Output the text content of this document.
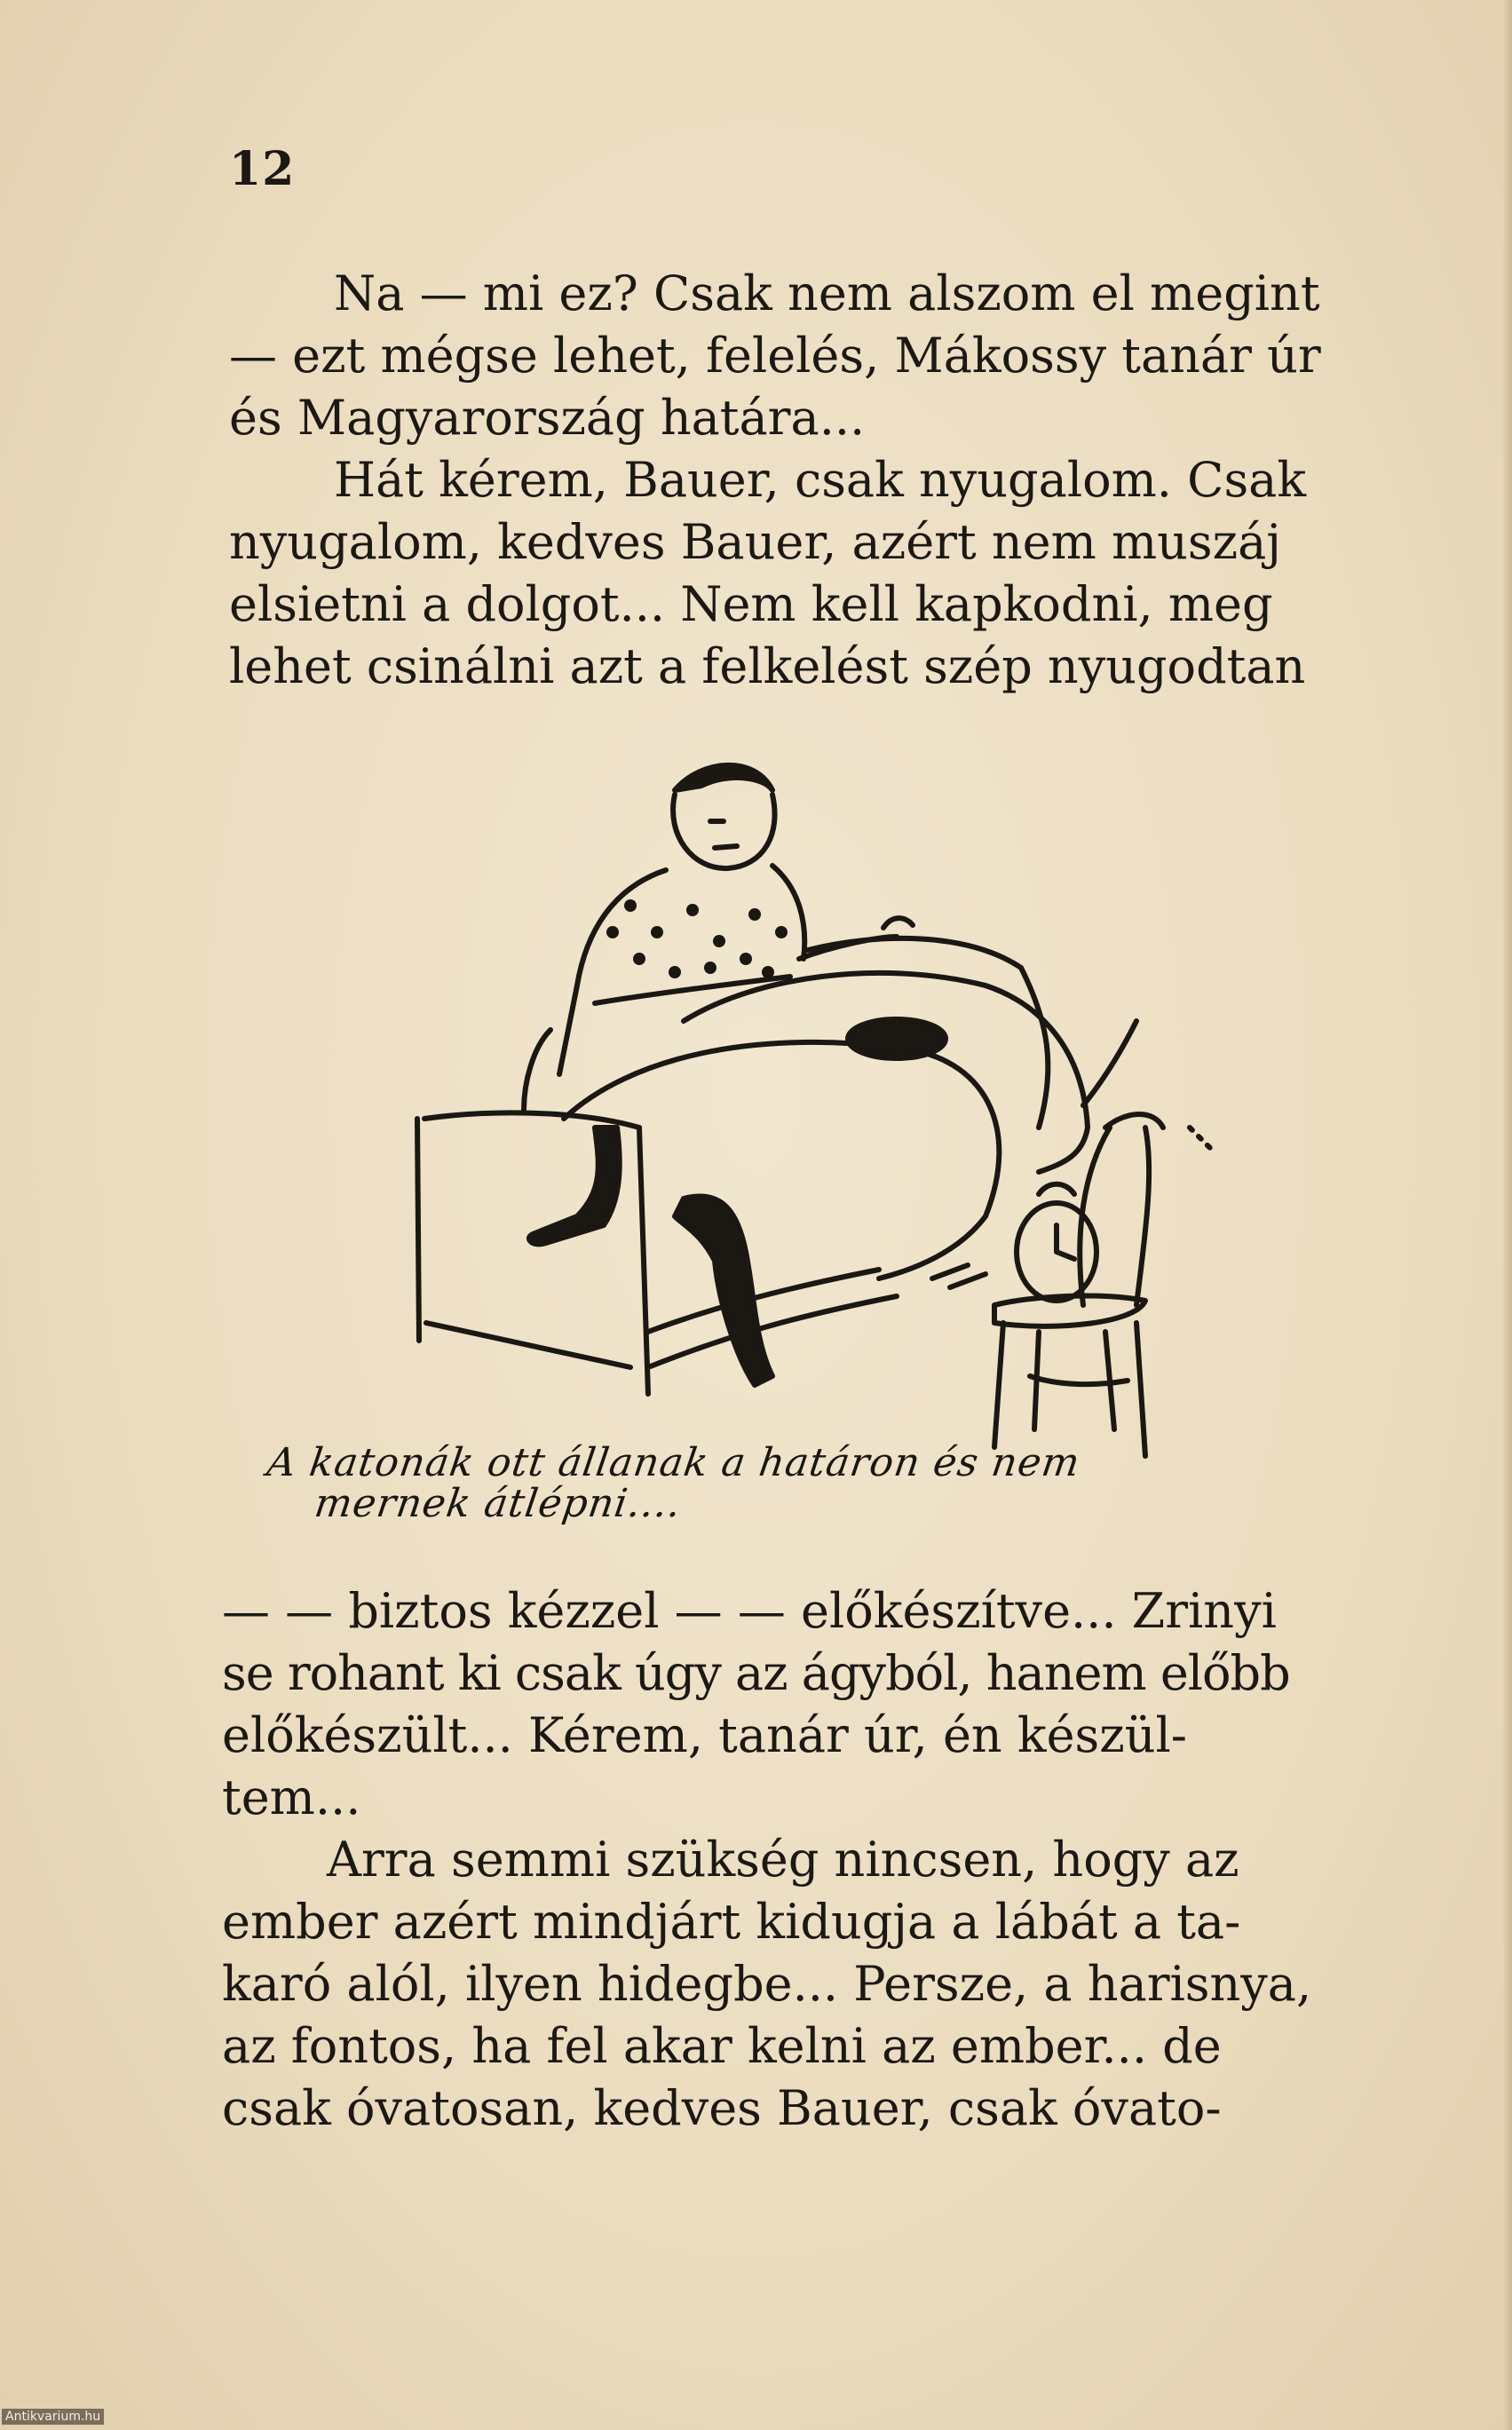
12

Na — mi ez? Csak nem alszom el megint
— ezt mégse lehet, felelés, Mákossy tanár úr
és Magyarország határa...

Hát kérem, Bauer, csak nyugalom. Csak
nyugalom, kedves Bauer, azért nem muszáj
elsietni a dolgot... Nem kell kapkodni, meg
lehet csinálni azt a felkelést szép nyugodtan

A katonák ott állanak a határon és nem
mernek átlépni....

— — biztos kézzel — — előkészítve... Zrinyi
se rohant ki csak úgy az ágyból, hanem előbb
előkészült... Kérem, tanár úr, én készül-
tem...

Arra semmi szükség nincsen, hogy az
ember azért mindjárt kidugja a lábát a ta-
karó alól, ilyen hidegbe... Persze, a harisnya,
az fontos, ha fel akar kelni az ember... de
csak óvatosan, kedves Bauer, csak óvato-

Antikvarium.hu
